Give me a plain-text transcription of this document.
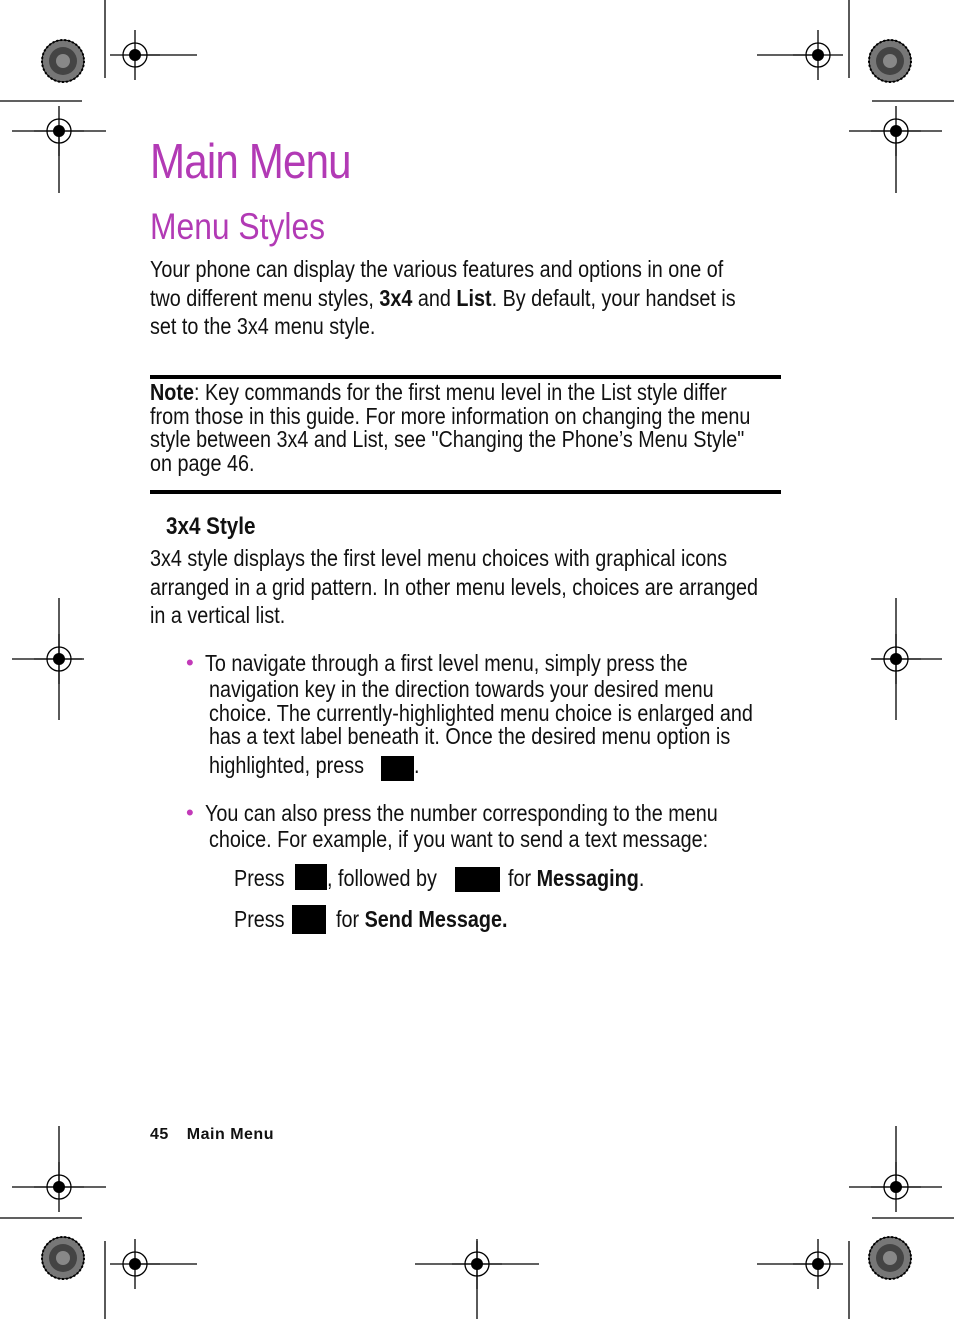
Main Menu
Menu Styles
Your phone can display the various features and options in one of
two different menu styles, 3x4 and List. By default, your handset is
set to the 3x4 menu style.
Note: Key commands for the first menu level in the List style differ
from those in this guide. For more information on changing the menu
style between 3x4 and List, see "Changing the Phone’s Menu Style"
on page 46.
3x4 Style
3x4 style displays the first level menu choices with graphical icons
arranged in a grid pattern. In other menu levels, choices are arranged
in a vertical list.
• To navigate through a first level menu, simply press the
navigation key in the direction towards your desired menu
choice. The currently-highlighted menu choice is enlarged and
has a text label beneath it. Once the desired menu option is
highlighted, press .
• You can also press the number corresponding to the menu
choice. For example, if you want to send a text message:
Press , followed by	for Messaging.
Press for Send Message.
45 Main Menu
